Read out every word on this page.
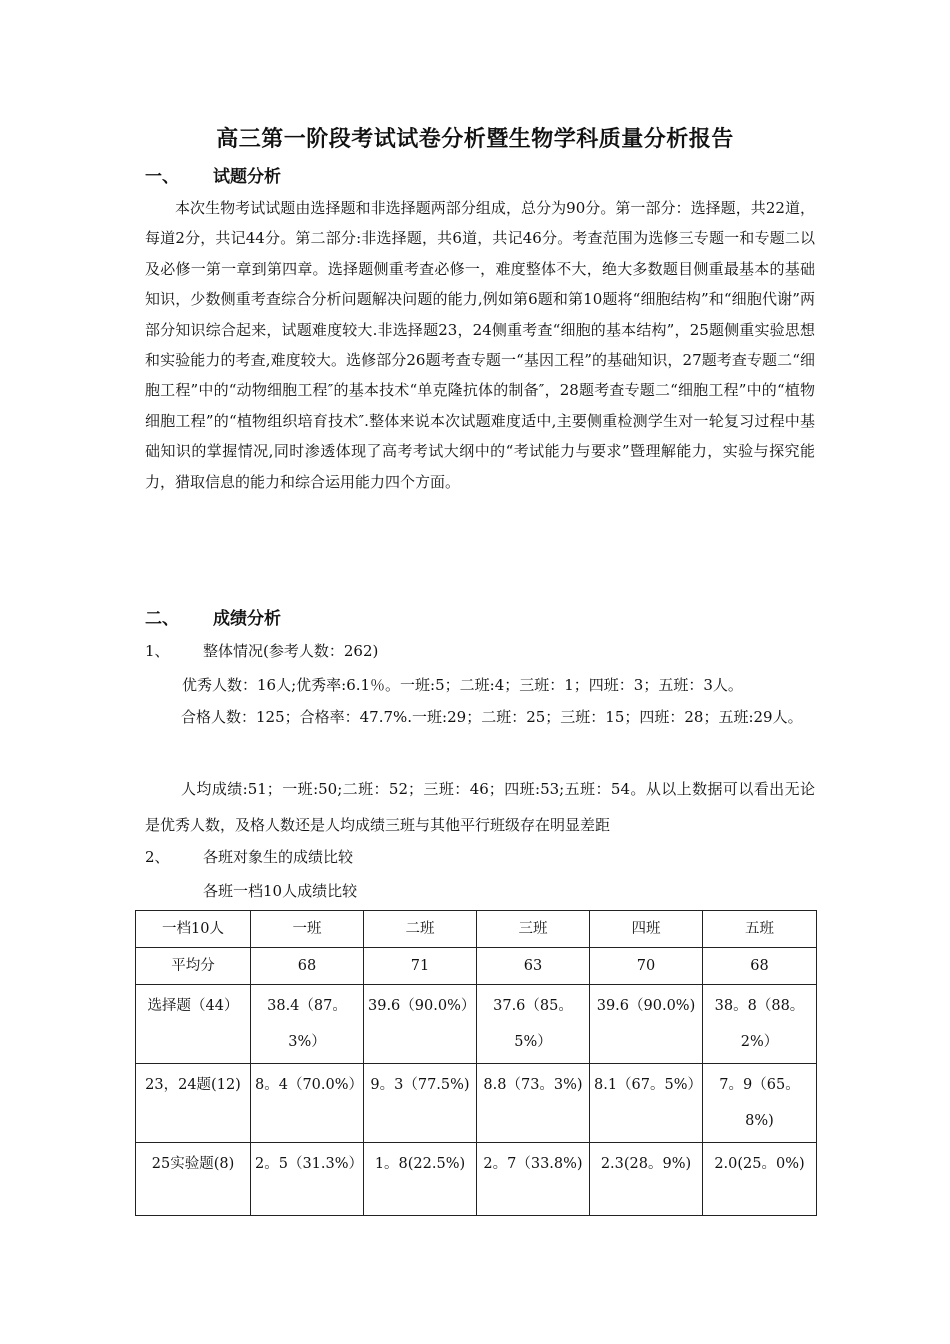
高三第一阶段考试试卷分析暨生物学科质量分析报告
一、 试题分析
本次生物考试试题由选择题和非选择题两部分组成，总分为90分。第一部分：选择题，共22道，每道2分，共记44分。第二部分:非选择题，共6道，共记46分。考查范围为选修三专题一和专题二以及必修一第一章到第四章。选择题侧重考查必修一，难度整体不大，绝大多数题目侧重最基本的基础知识，少数侧重考查综合分析问题解决问题的能力,例如第6题和第10题将“细胞结构”和“细胞代谢”两部分知识综合起来，试题难度较大.非选择题23，24侧重考查“细胞的基本结构”，25题侧重实验思想和实验能力的考查,难度较大。选修部分26题考查专题一“基因工程”的基础知识，27题考查专题二“细胞工程”中的“动物细胞工程″的基本技术“单克隆抗体的制备″，28题考查专题二“细胞工程”中的“植物细胞工程”的“植物组织培育技术″.整体来说本次试题难度适中,主要侧重检测学生对一轮复习过程中基础知识的掌握情况,同时渗透体现了高考考试大纲中的“考试能力与要求”暨理解能力，实验与探究能力，猎取信息的能力和综合运用能力四个方面。
二、 成绩分析
1、 整体情况(参考人数：262)
优秀人数：16人;优秀率:6.1％。一班:5；二班:4；三班：1；四班：3；五班：3人。
合格人数：125；合格率：47.7%.一班:29；二班：25；三班：15；四班：28；五班:29人。
人均成绩:51；一班:50;二班：52；三班：46；四班:53;五班：54。从以上数据可以看出无论是优秀人数，及格人数还是人均成绩三班与其他平行班级存在明显差距
2、 各班对象生的成绩比较
各班一档10人成绩比较
一档10人	一班	二班	三班	四班	五班
平均分	68	71	63	70	68
选择题（44）	38.4（87。3%）	39.6（90.0%）	37.6（85。5%）	39.6（90.0%)	38。8（88。2%）
23，24题(12)	8。4（70.0%）	9。3（77.5%)	8.8（73。3%)	8.1（67。5%）	7。9（65。8%)
25实验题(8)	2。5（31.3%）	1。8(22.5%)	2。7（33.8%)	2.3(28。9%)	2.0(25。0%)
